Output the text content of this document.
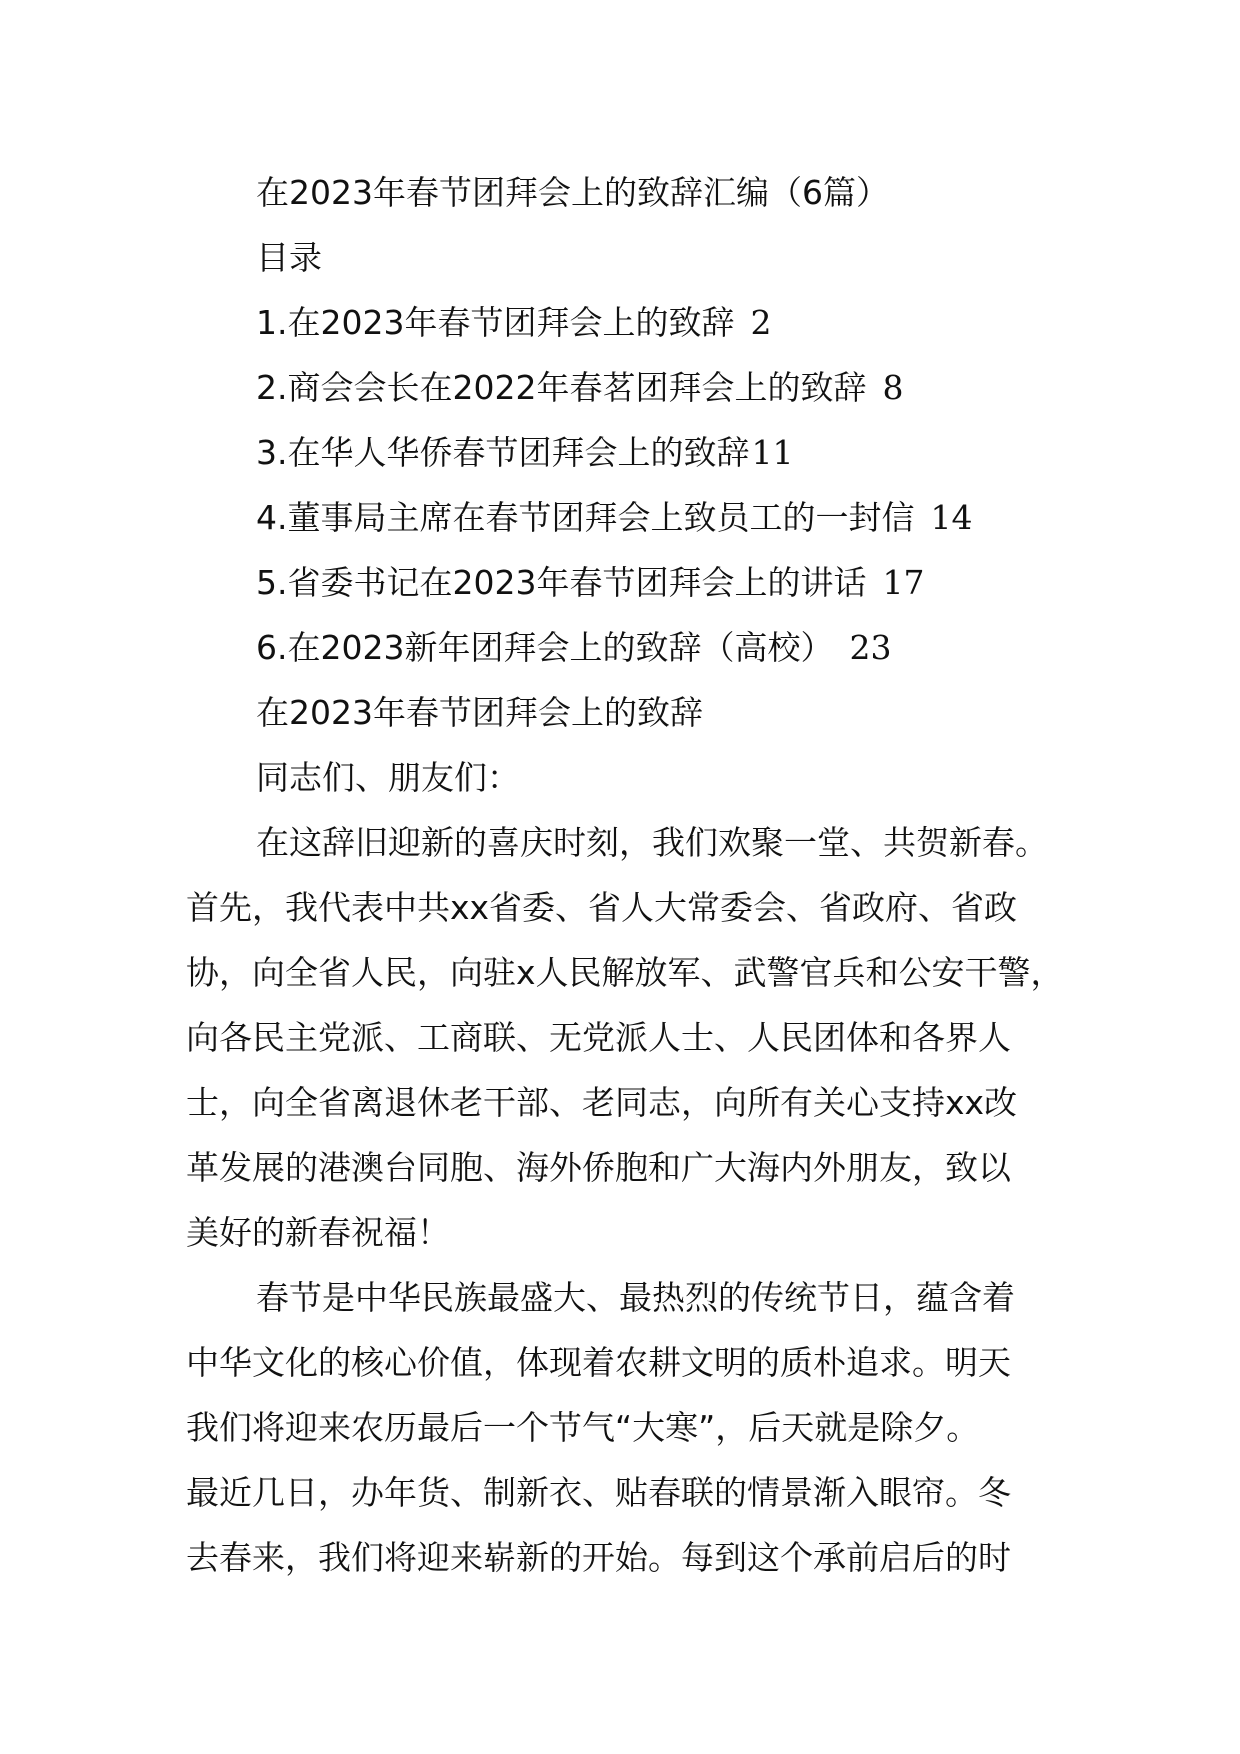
在2023年春节团拜会上的致辞汇编（6篇）
目录
1.在2023年春节团拜会上的致辞 2
2.商会会长在2022年春茗团拜会上的致辞 8
3.在华人华侨春节团拜会上的致辞11
4.董事局主席在春节团拜会上致员工的一封信 14
5.省委书记在2023年春节团拜会上的讲话 17
6.在2023新年团拜会上的致辞（高校） 23
在2023年春节团拜会上的致辞
同志们、朋友们：
在这辞旧迎新的喜庆时刻，我们欢聚一堂、共贺新春。
首先，我代表中共xx省委、省人大常委会、省政府、省政
协，向全省人民，向驻x人民解放军、武警官兵和公安干警，
向各民主党派、工商联、无党派人士、人民团体和各界人
士，向全省离退休老干部、老同志，向所有关心支持xx改
革发展的港澳台同胞、海外侨胞和广大海内外朋友，致以
美好的新春祝福！
春节是中华民族最盛大、最热烈的传统节日，蕴含着
中华文化的核心价值，体现着农耕文明的质朴追求。明天
我们将迎来农历最后一个节气“大寒”，后天就是除夕。
最近几日，办年货、制新衣、贴春联的情景渐入眼帘。冬
去春来，我们将迎来崭新的开始。每到这个承前启后的时
